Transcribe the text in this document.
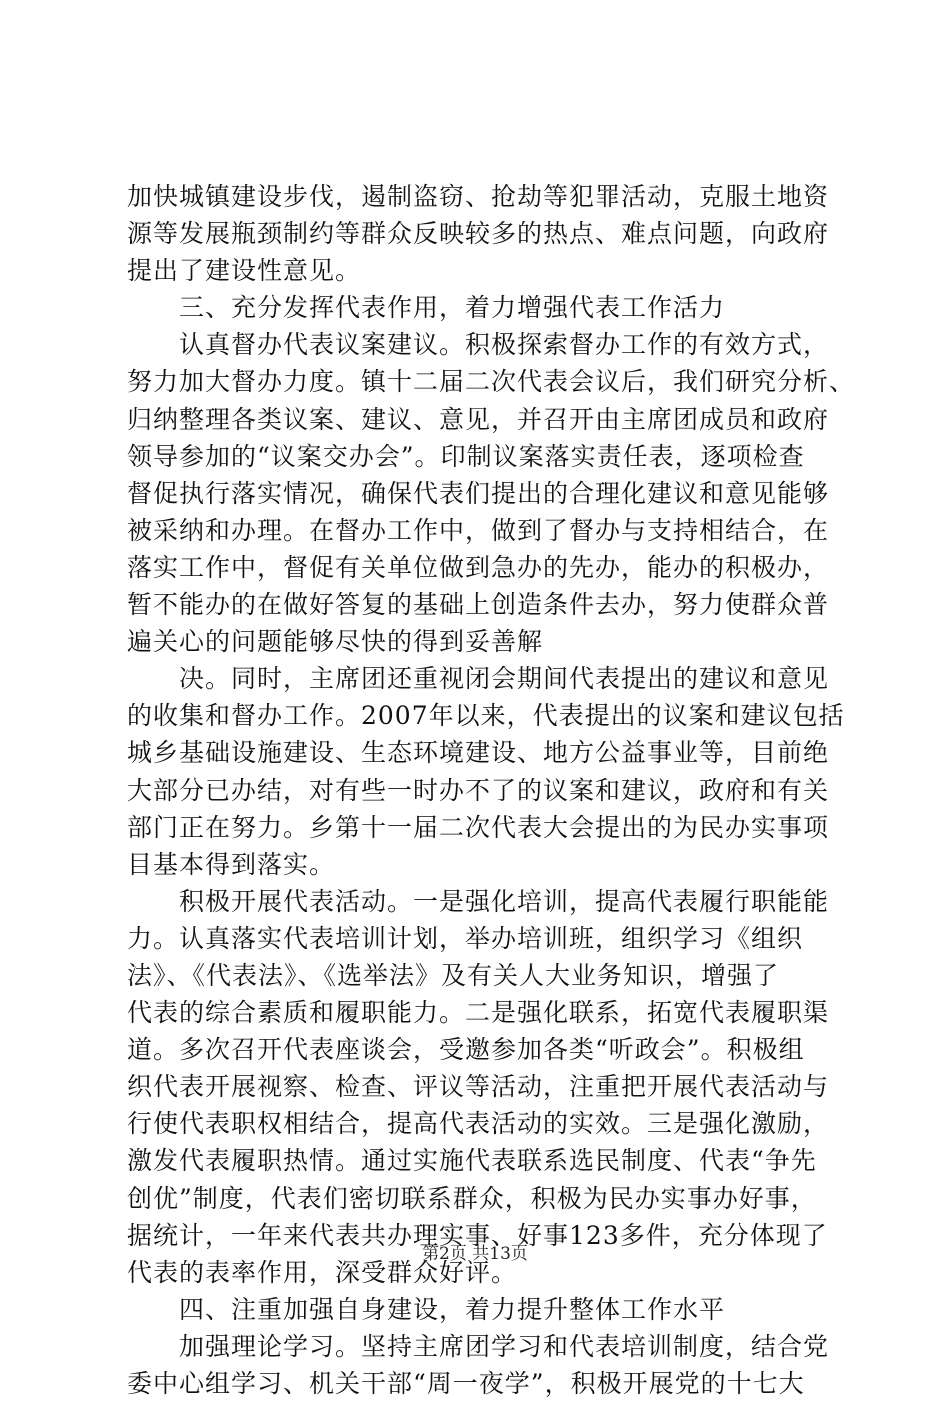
加快城镇建设步伐，遏制盗窃、抢劫等犯罪活动，克服土地资
源等发展瓶颈制约等群众反映较多的热点、难点问题，向政府
提出了建设性意见。
　　三、充分发挥代表作用，着力增强代表工作活力
　　认真督办代表议案建议。积极探索督办工作的有效方式，
努力加大督办力度。镇十二届二次代表会议后，我们研究分析、
归纳整理各类议案、建议、意见，并召开由主席团成员和政府
领导参加的“议案交办会”。印制议案落实责任表，逐项检查
督促执行落实情况，确保代表们提出的合理化建议和意见能够
被采纳和办理。在督办工作中，做到了督办与支持相结合，在
落实工作中，督促有关单位做到急办的先办，能办的积极办，
暂不能办的在做好答复的基础上创造条件去办，努力使群众普
遍关心的问题能够尽快的得到妥善解
　　决。同时，主席团还重视闭会期间代表提出的建议和意见
的收集和督办工作。2007年以来，代表提出的议案和建议包括
城乡基础设施建设、生态环境建设、地方公益事业等，目前绝
大部分已办结，对有些一时办不了的议案和建议，政府和有关
部门正在努力。乡第十一届二次代表大会提出的为民办实事项
目基本得到落实。
　　积极开展代表活动。一是强化培训，提高代表履行职能能
力。认真落实代表培训计划，举办培训班，组织学习《组织
法》、《代表法》、《选举法》及有关人大业务知识，增强了
代表的综合素质和履职能力。二是强化联系，拓宽代表履职渠
道。多次召开代表座谈会，受邀参加各类“听政会”。积极组
织代表开展视察、检查、评议等活动，注重把开展代表活动与
行使代表职权相结合，提高代表活动的实效。三是强化激励，
激发代表履职热情。通过实施代表联系选民制度、代表“争先
创优”制度，代表们密切联系群众，积极为民办实事办好事，
据统计，一年来代表共办理实事、好事123多件，充分体现了
代表的表率作用，深受群众好评。
　　四、注重加强自身建设，着力提升整体工作水平
　　加强理论学习。坚持主席团学习和代表培训制度，结合党
委中心组学习、机关干部“周一夜学”，积极开展党的十七大
第2页 共13页
